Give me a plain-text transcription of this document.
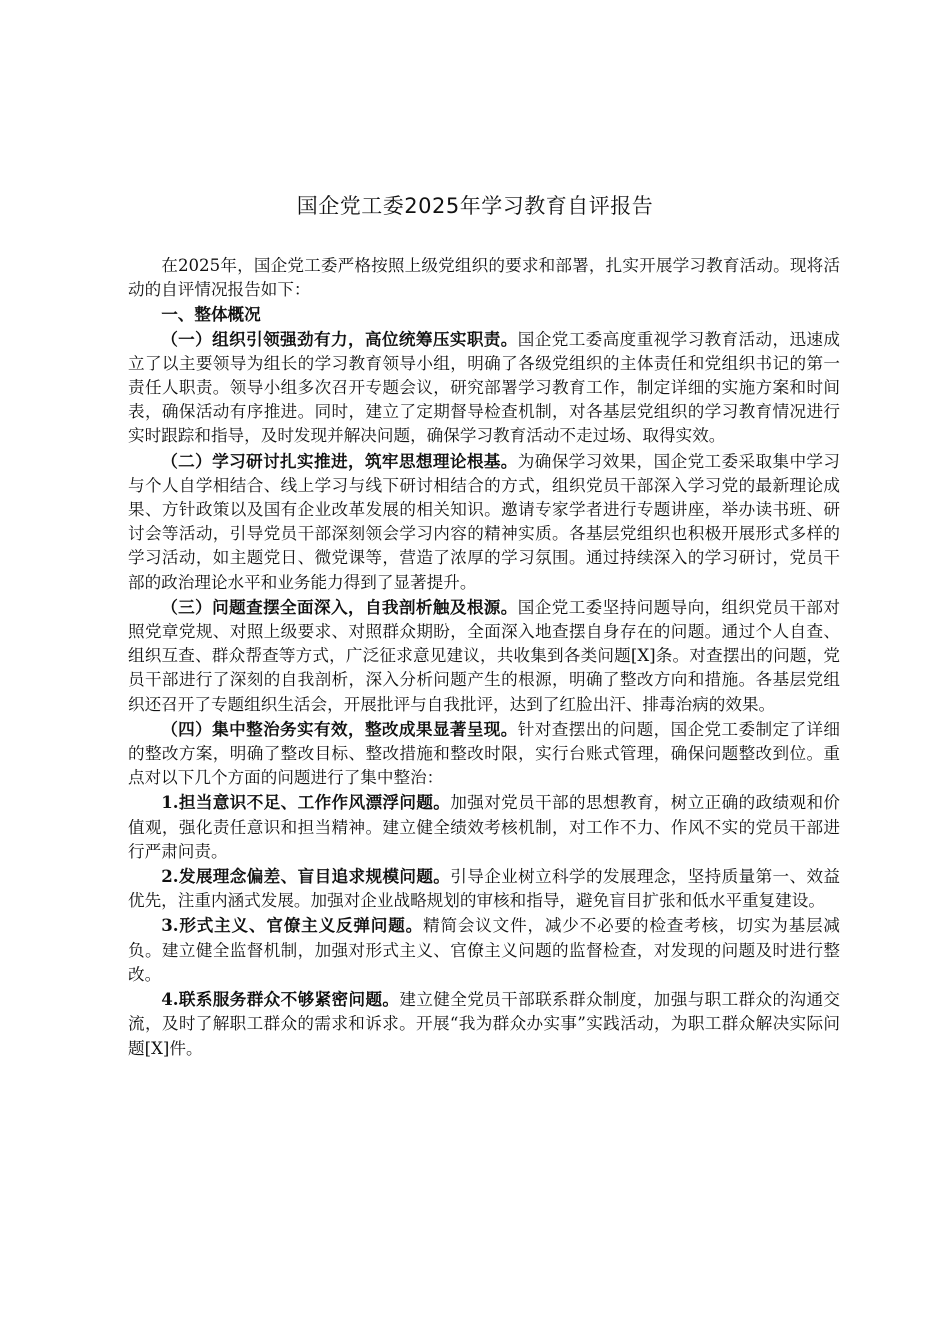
国企党工委2025年学习教育自评报告

在2025年，国企党工委严格按照上级党组织的要求和部署，扎实开展学习教育活动。现将活动的自评情况报告如下：

一、整体概况

（一）组织引领强劲有力，高位统筹压实职责。国企党工委高度重视学习教育活动，迅速成立了以主要领导为组长的学习教育领导小组，明确了各级党组织的主体责任和党组织书记的第一责任人职责。领导小组多次召开专题会议，研究部署学习教育工作，制定详细的实施方案和时间表，确保活动有序推进。同时，建立了定期督导检查机制，对各基层党组织的学习教育情况进行实时跟踪和指导，及时发现并解决问题，确保学习教育活动不走过场、取得实效。

（二）学习研讨扎实推进，筑牢思想理论根基。为确保学习效果，国企党工委采取集中学习与个人自学相结合、线上学习与线下研讨相结合的方式，组织党员干部深入学习党的最新理论成果、方针政策以及国有企业改革发展的相关知识。邀请专家学者进行专题讲座，举办读书班、研讨会等活动，引导党员干部深刻领会学习内容的精神实质。各基层党组织也积极开展形式多样的学习活动，如主题党日、微党课等，营造了浓厚的学习氛围。通过持续深入的学习研讨，党员干部的政治理论水平和业务能力得到了显著提升。

（三）问题查摆全面深入，自我剖析触及根源。国企党工委坚持问题导向，组织党员干部对照党章党规、对照上级要求、对照群众期盼，全面深入地查摆自身存在的问题。通过个人自查、组织互查、群众帮查等方式，广泛征求意见建议，共收集到各类问题[X]条。对查摆出的问题，党员干部进行了深刻的自我剖析，深入分析问题产生的根源，明确了整改方向和措施。各基层党组织还召开了专题组织生活会，开展批评与自我批评，达到了红脸出汗、排毒治病的效果。

（四）集中整治务实有效，整改成果显著呈现。针对查摆出的问题，国企党工委制定了详细的整改方案，明确了整改目标、整改措施和整改时限，实行台账式管理，确保问题整改到位。重点对以下几个方面的问题进行了集中整治：

1.担当意识不足、工作作风漂浮问题。加强对党员干部的思想教育，树立正确的政绩观和价值观，强化责任意识和担当精神。建立健全绩效考核机制，对工作不力、作风不实的党员干部进行严肃问责。

2.发展理念偏差、盲目追求规模问题。引导企业树立科学的发展理念，坚持质量第一、效益优先，注重内涵式发展。加强对企业战略规划的审核和指导，避免盲目扩张和低水平重复建设。

3.形式主义、官僚主义反弹问题。精简会议文件，减少不必要的检查考核，切实为基层减负。建立健全监督机制，加强对形式主义、官僚主义问题的监督检查，对发现的问题及时进行整改。

4.联系服务群众不够紧密问题。建立健全党员干部联系群众制度，加强与职工群众的沟通交流，及时了解职工群众的需求和诉求。开展“我为群众办实事”实践活动，为职工群众解决实际问题[X]件。
